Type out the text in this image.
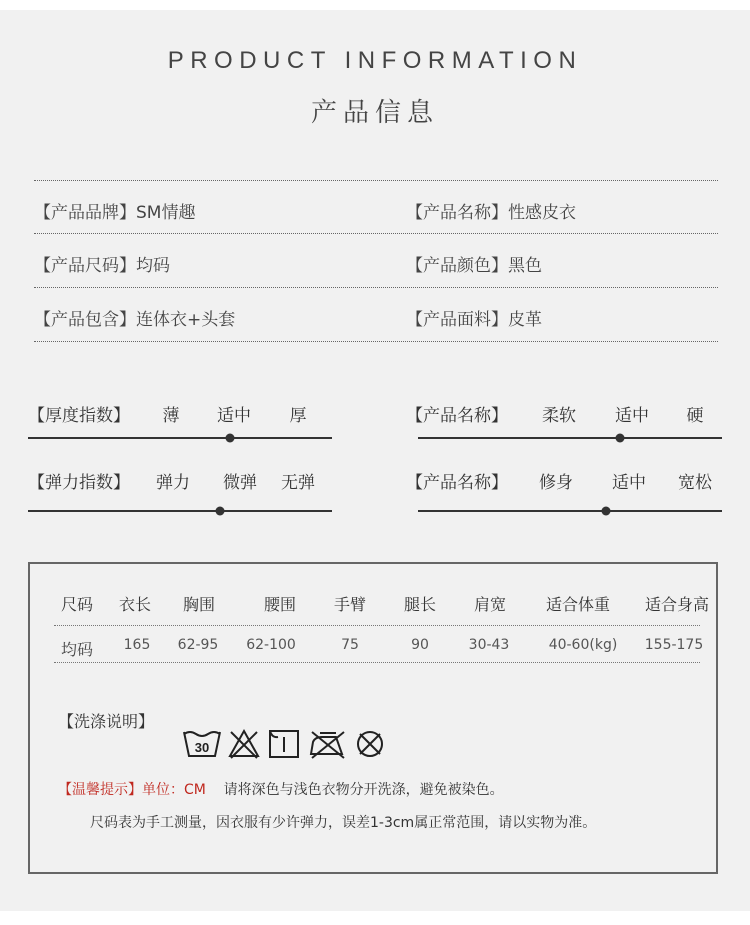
PRODUCT INFORMATION
产品信息
【产品品牌】SM情趣	【产品名称】性感皮衣
【产品尺码】均码	【产品颜色】黑色
【产品包含】连体衣+头套	【产品面料】皮革
【厚度指数】 薄 适中 厚	【产品名称】 柔软 适中 硬
【弹力指数】 弹力 微弹 无弹	【产品名称】 修身 适中 宽松
尺码 衣长 胸围	腰围 手臂 腿长 肩宽 适合体重 适合身高
均码 165 62-95 62-100	75	90	30-43	40-60(kg) 155-175
【洗涤说明】
30
【温馨提示】单位：CM 请将深色与浅色衣物分开洗涤，避免被染色。
尺码表为手工测量，因衣服有少许弹力，误差1-3cm属正常范围，请以实物为准。
